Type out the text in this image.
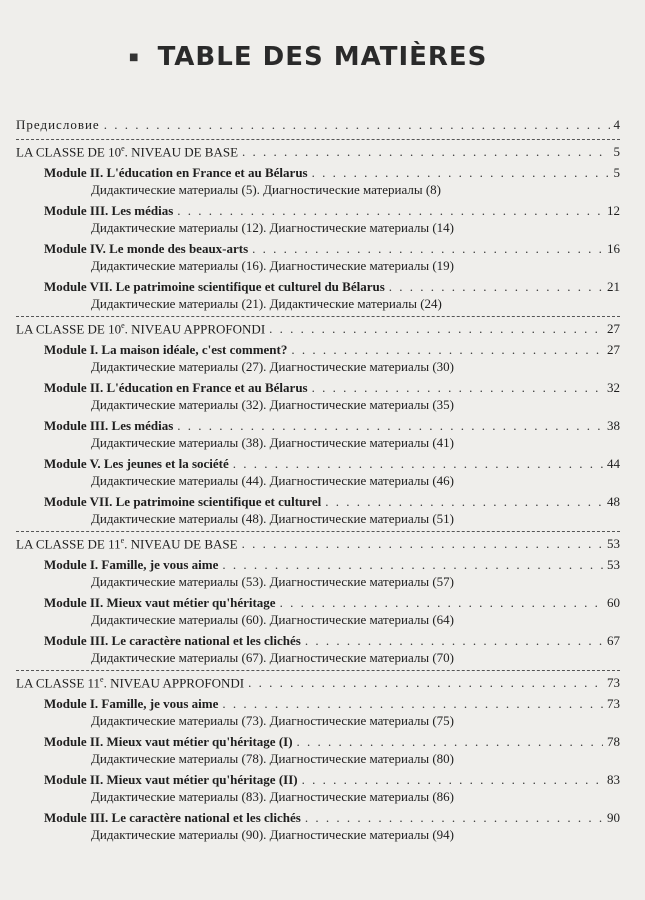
■ TABLE DES MATIÈRES
Предисловие . . .	4
LA CLASSE DE 10e. NIVEAU DE BASE . . .	5
Module II. L'éducation en France et au Bélarus . . .	5
Дидактические материалы (5). Диагностические материалы (8)
Module III. Les médias . . .	12
Дидактические материалы (12). Диагностические материалы (14)
Module IV. Le monde des beaux-arts . . .	16
Дидактические материалы (16). Диагностические материалы (19)
Module VII. Le patrimoine scientifique et culturel du Bélarus . . .	21
Дидактические материалы (21). Дидактические материалы (24)
LA CLASSE DE 10e. NIVEAU APPROFONDI . . .	27
Module I. La maison idéale, c'est comment? . . .	27
Дидактические материалы (27). Диагностические материалы (30)
Module II. L'éducation en France et au Bélarus . . .	32
Дидактические материалы (32). Диагностические материалы (35)
Module III. Les médias . . .	38
Дидактические материалы (38). Диагностические материалы (41)
Module V. Les jeunes et la société . . .	44
Дидактические материалы (44). Диагностические материалы (46)
Module VII. Le patrimoine scientifique et culturel . . .	48
Дидактические материалы (48). Диагностические материалы (51)
LA CLASSE DE 11e. NIVEAU DE BASE . . .	53
Module I. Famille, je vous aime . . .	53
Дидактические материалы (53). Диагностические материалы (57)
Module II. Mieux vaut métier qu'héritage . . .	60
Дидактические материалы (60). Диагностические материалы (64)
Module III. Le caractère national et les clichés . . .	67
Дидактические материалы (67). Диагностические материалы (70)
LA CLASSE 11e. NIVEAU APPROFONDI . . .	73
Module I. Famille, je vous aime . . .	73
Дидактические материалы (73). Диагностические материалы (75)
Module II. Mieux vaut métier qu'héritage (I) . . .	78
Дидактические материалы (78). Диагностические материалы (80)
Module II. Mieux vaut métier qu'héritage (II) . . .	83
Дидактические материалы (83). Диагностические материалы (86)
Module III. Le caractère national et les clichés . . .	90
Дидактические материалы (90). Диагностические материалы (94)
